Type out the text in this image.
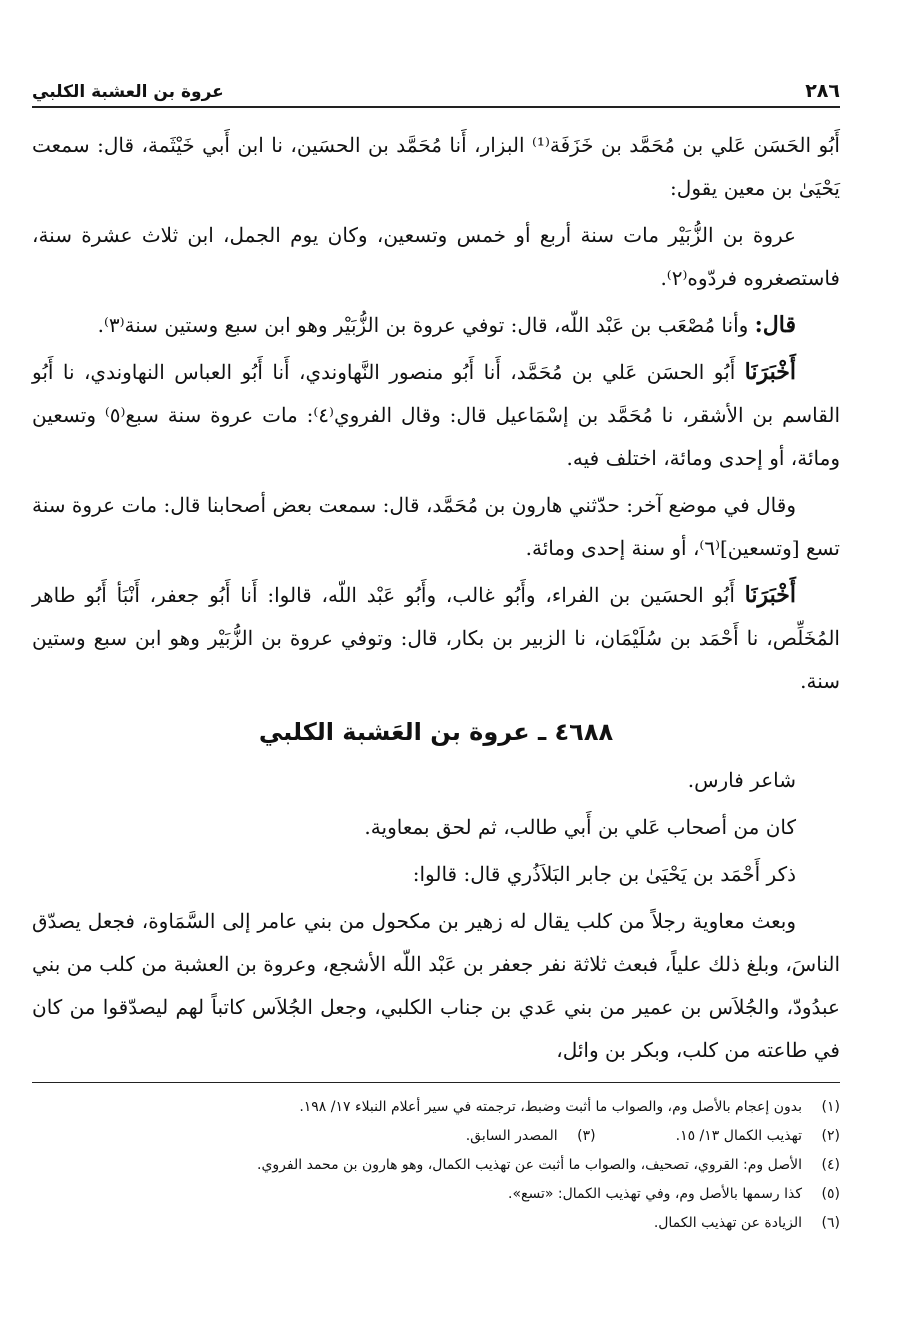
٢٨٦
عروة بن العشبة الكلبي

أَبُو الحَسَن عَلي بن مُحَمَّد بن خَزَفَة⁽¹⁾ البزار، أَنا مُحَمَّد بن الحسَين، نا ابن أَبي خَيْثَمة، قال: سمعت يَحْيَىٰ بن معين يقول:

عروة بن الزُّبَيْر مات سنة أربع أو خمس وتسعين، وكان يوم الجمل، ابن ثلاث عشرة سنة، فاستصغروه فردّوه⁽٢⁾.

قال: وأنا مُصْعَب بن عَبْد اللّه، قال: توفي عروة بن الزُّبَيْر وهو ابن سبع وستين سنة⁽٣⁾.

أَخْبَرَنَا أَبُو الحسَن عَلي بن مُحَمَّد، أَنا أَبُو منصور النَّهاوندي، أَنا أَبُو العباس النهاوندي، نا أَبُو القاسم بن الأشقر، نا مُحَمَّد بن إسْمَاعيل قال: وقال الفروي⁽٤⁾: مات عروة سنة سبع⁽٥⁾ وتسعين ومائة، أو إحدى ومائة، اختلف فيه.

وقال في موضع آخر: حدّثني هارون بن مُحَمَّد، قال: سمعت بعض أصحابنا قال: مات عروة سنة تسع [وتسعين]⁽٦⁾، أو سنة إحدى ومائة.

أَخْبَرَنَا أَبُو الحسَين بن الفراء، وأَبُو غالب، وأَبُو عَبْد اللّه، قالوا: أَنا أَبُو جعفر، أَنْبَأ أَبُو طاهر المُخَلِّص، نا أَحْمَد بن سُلَيْمَان، نا الزبير بن بكار، قال: وتوفي عروة بن الزُّبَيْر وهو ابن سبع وستين سنة.

٤٦٨٨ ـ عروة بن العَشبة الكلبي

شاعر فارس.

كان من أصحاب عَلي بن أَبي طالب، ثم لحق بمعاوية.

ذكر أَحْمَد بن يَحْيَىٰ بن جابر البَلاَذُري قال: قالوا:

وبعث معاوية رجلاً من كلب يقال له زهير بن مكحول من بني عامر إلى السَّمَاوة، فجعل يصدّق الناسَ، وبلغ ذلك علياً، فبعث ثلاثة نفر جعفر بن عَبْد اللّه الأشجع، وعروة بن العشبة من كلب من بني عبدُودّ، والجُلاَس بن عمير من بني عَدي بن جناب الكلبي، وجعل الجُلاَس كاتباً لهم ليصدّقوا من كان في طاعته من كلب، وبكر بن وائل،

(١)
بدون إعجام بالأصل وم، والصواب ما أثبت وضبط، ترجمته في سير أعلام النبلاء ١٧/ ١٩٨.
(٢)
تهذيب الكمال ١٣/ ١٥.
(٣)
المصدر السابق.
(٤)
الأصل وم: القروي، تصحيف، والصواب ما أثبت عن تهذيب الكمال، وهو هارون بن محمد الفروي.
(٥)
كذا رسمها بالأصل وم، وفي تهذيب الكمال: «تسع».
(٦)
الزيادة عن تهذيب الكمال.
